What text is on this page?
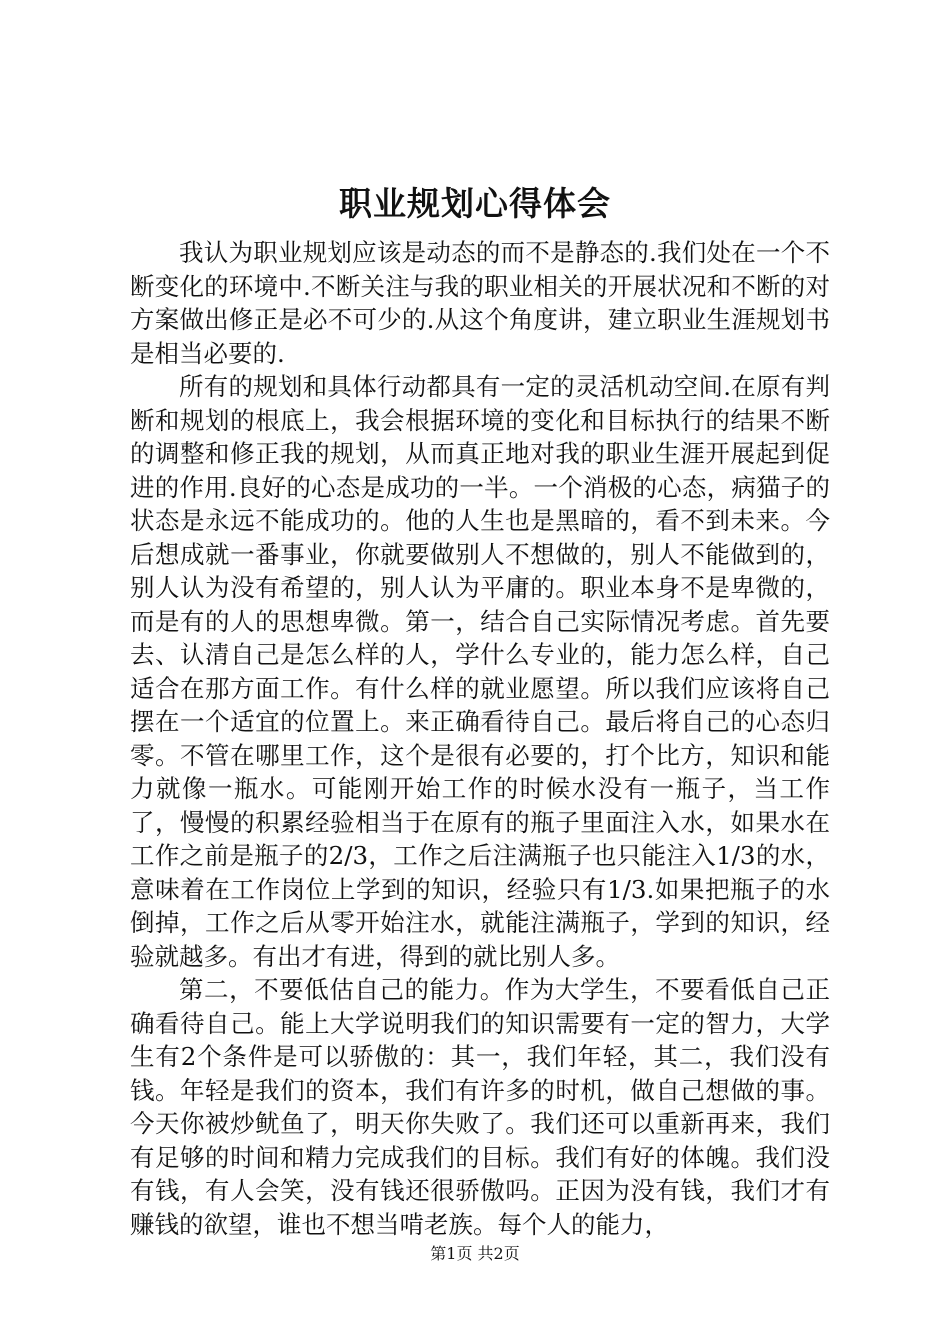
职业规划心得体会

我认为职业规划应该是动态的而不是静态的.我们处在一个不断变化的环境中.不断关注与我的职业相关的开展状况和不断的对方案做出修正是必不可少的.从这个角度讲，建立职业生涯规划书是相当必要的.

所有的规划和具体行动都具有一定的灵活机动空间.在原有判断和规划的根底上，我会根据环境的变化和目标执行的结果不断的调整和修正我的规划，从而真正地对我的职业生涯开展起到促进的作用.良好的心态是成功的一半。一个消极的心态，病猫子的状态是永远不能成功的。他的人生也是黑暗的，看不到未来。今后想成就一番事业，你就要做别人不想做的，别人不能做到的，别人认为没有希望的，别人认为平庸的。职业本身不是卑微的，而是有的人的思想卑微。第一，结合自己实际情况考虑。首先要去、认清自己是怎么样的人，学什么专业的，能力怎么样，自己适合在那方面工作。有什么样的就业愿望。所以我们应该将自己摆在一个适宜的位置上。来正确看待自己。最后将自己的心态归零。不管在哪里工作，这个是很有必要的，打个比方，知识和能力就像一瓶水。可能刚开始工作的时候水没有一瓶子，当工作了，慢慢的积累经验相当于在原有的瓶子里面注入水，如果水在工作之前是瓶子的2/3，工作之后注满瓶子也只能注入1/3的水，意味着在工作岗位上学到的知识，经验只有1/3.如果把瓶子的水倒掉，工作之后从零开始注水，就能注满瓶子，学到的知识，经验就越多。有出才有进，得到的就比别人多。

第二，不要低估自己的能力。作为大学生，不要看低自己正确看待自己。能上大学说明我们的知识需要有一定的智力，大学生有2个条件是可以骄傲的：其一，我们年轻，其二，我们没有钱。年轻是我们的资本，我们有许多的时机，做自己想做的事。今天你被炒鱿鱼了，明天你失败了。我们还可以重新再来，我们有足够的时间和精力完成我们的目标。我们有好的体魄。我们没有钱，有人会笑，没有钱还很骄傲吗。正因为没有钱，我们才有赚钱的欲望，谁也不想当啃老族。每个人的能力，

第1页 共2页
